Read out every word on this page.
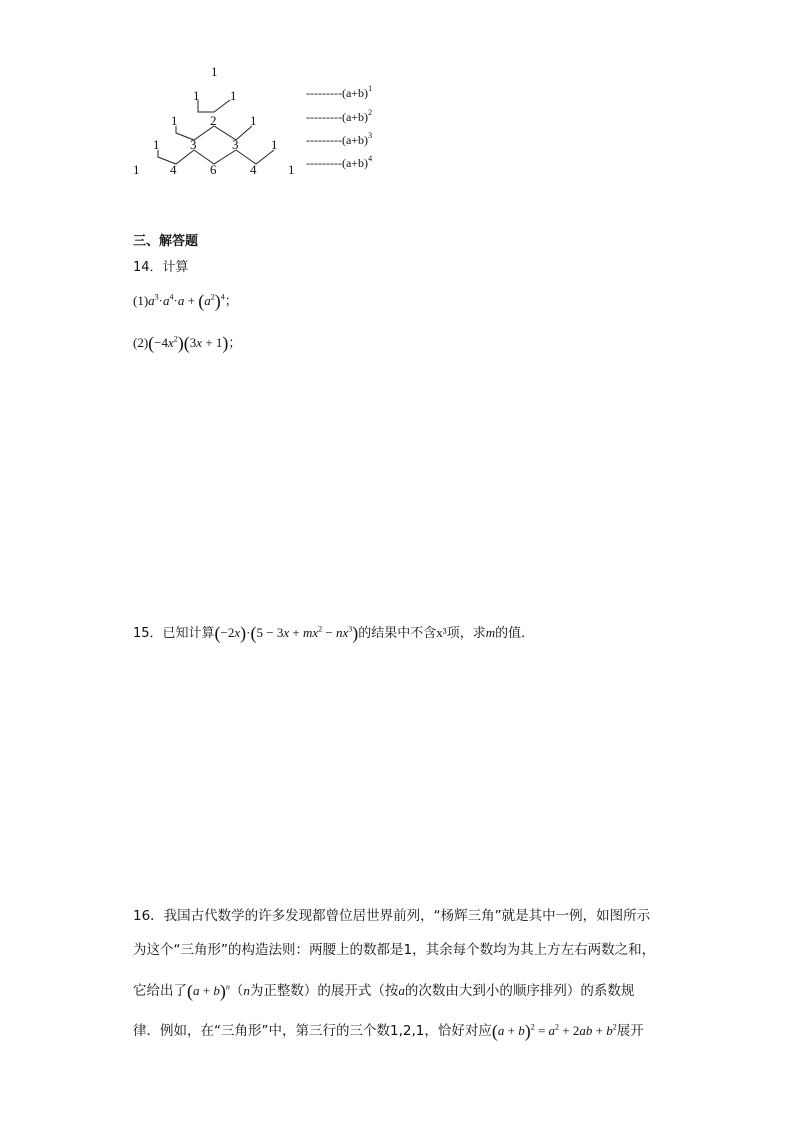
1
1 1
1	2	1
1 3	3	1
1 4	6	4 1
$---------(a+b)^1$
$---------(a+b)^2$
$---------(a+b)^3$
$---------(a+b)^4$
三、解答题
14．计算
$(1)a^3\cdot a^4\cdot a + (a^2)^4$；
$(2)(-4x^2)(3x + 1)$；
15．已知计算$(-2x)\cdot(5 - 3x + mx^2 - nx^3)$的结果中不含x³项，求m的值．
16．我国古代数学的许多发现都曾位居世界前列，“杨辉三角”就是其中一例，如图所示
为这个“三角形”的构造法则：两腰上的数都是1，其余每个数均为其上方左右两数之和，
它给出了$(a + b)^n(n$为正整数）的展开式（按a的次数由大到小的顺序排列）的系数规
律．例如，在“三角形”中，第三行的三个数1,2,1，恰好对应$(a + b)^2 = a^2 + 2ab + b^2$展开
